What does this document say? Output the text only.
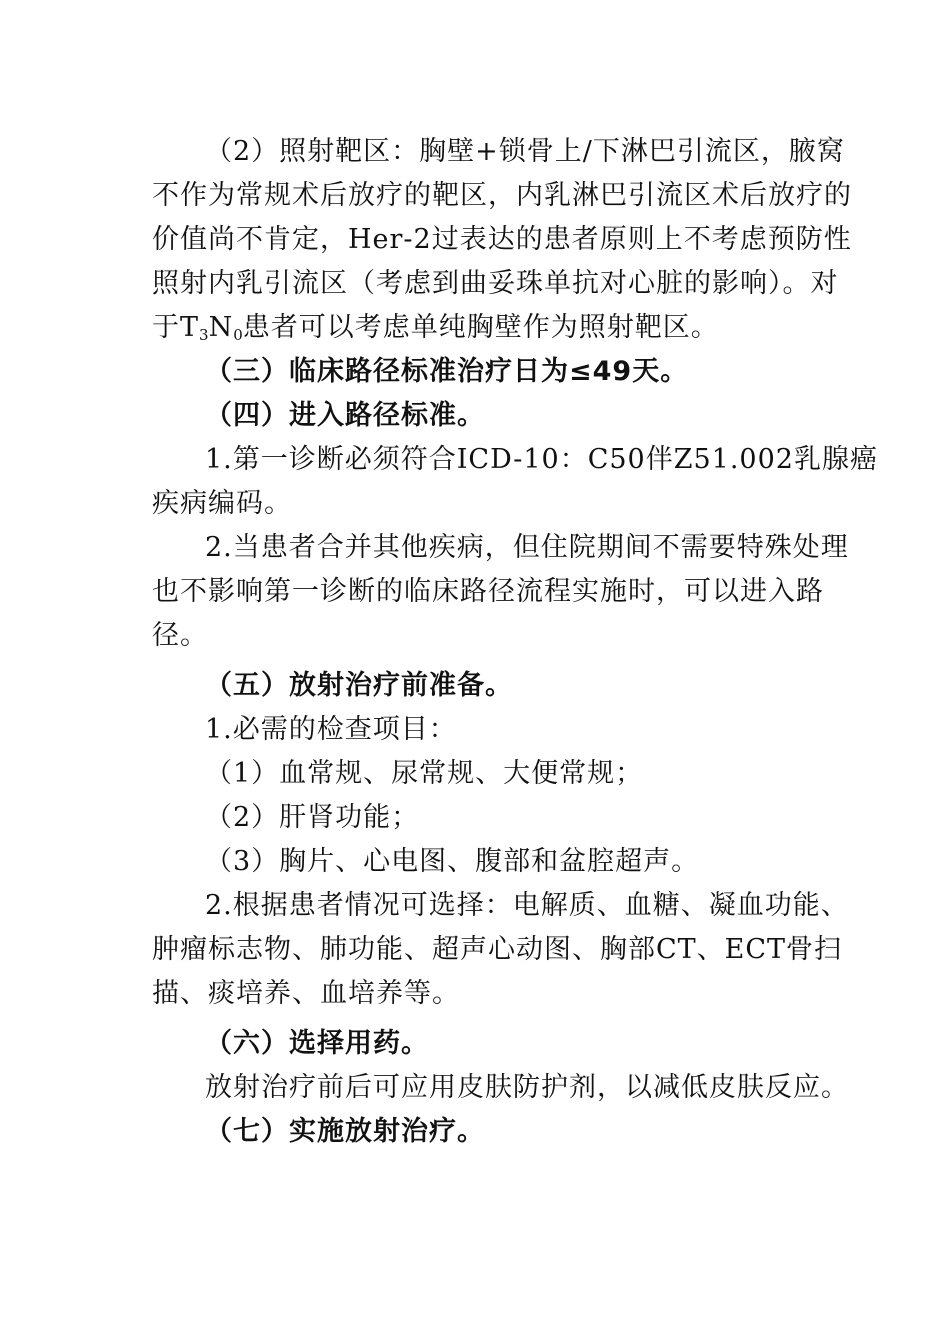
（2）照射靶区：胸壁+锁骨上/下淋巴引流区，腋窝
不作为常规术后放疗的靶区，内乳淋巴引流区术后放疗的
价值尚不肯定，Her-2过表达的患者原则上不考虑预防性
照射内乳引流区（考虑到曲妥珠单抗对心脏的影响）。对
于$T_3N_0$患者可以考虑单纯胸壁作为照射靶区。
（三）临床路径标准治疗日为≤49天。
（四）进入路径标准。
1.第一诊断必须符合ICD-10：C50伴Z51.002乳腺癌
疾病编码。
2.当患者合并其他疾病，但住院期间不需要特殊处理
也不影响第一诊断的临床路径流程实施时，可以进入路
径。
（五）放射治疗前准备。
1.必需的检查项目：
（1）血常规、尿常规、大便常规；
（2）肝肾功能；
（3）胸片、心电图、腹部和盆腔超声。
2.根据患者情况可选择：电解质、血糖、凝血功能、
肿瘤标志物、肺功能、超声心动图、胸部CT、ECT骨扫
描、痰培养、血培养等。
（六）选择用药。
放射治疗前后可应用皮肤防护剂，以减低皮肤反应。
（七）实施放射治疗。
